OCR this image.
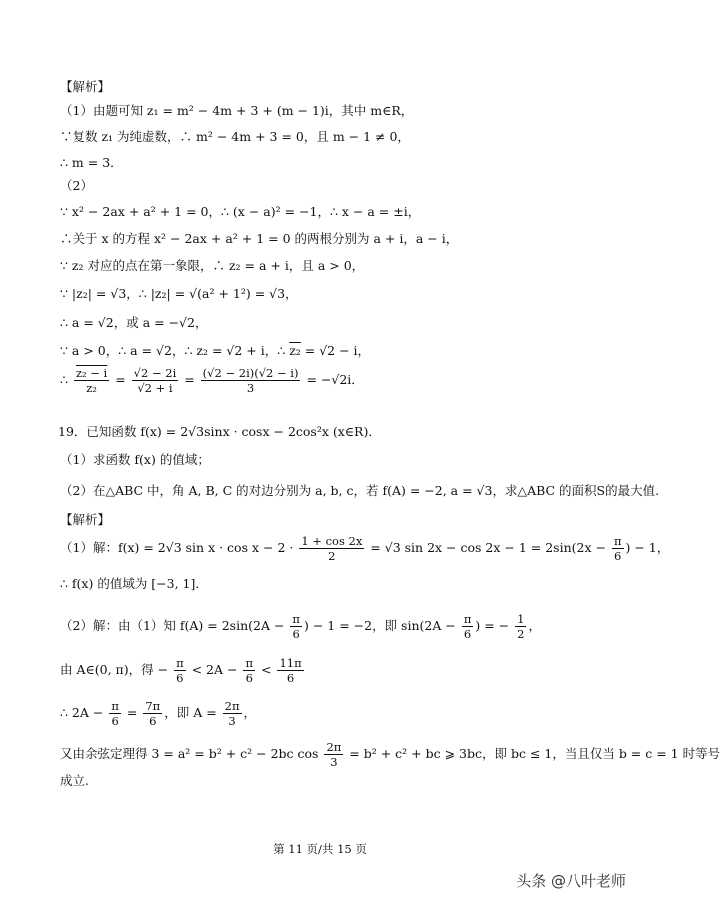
【解析】
（1）由题可知 z₁ = m² − 4m + 3 + (m − 1)i，其中 m∈R，
∵复数 z₁ 为纯虚数，∴ m² − 4m + 3 = 0，且 m − 1 ≠ 0，
∴ m = 3．
（2）
∵ x² − 2ax + a² + 1 = 0，∴ (x − a)² = −1，∴ x − a = ±i，
∴关于 x 的方程 x² − 2ax + a² + 1 = 0 的两根分别为 a + i，a − i，
∵ z₂ 对应的点在第一象限，∴ z₂ = a + i，且 a > 0，
∵ |z₂| = √3，∴ |z₂| = √(a² + 1²) = √3，
∴ a = √2，或 a = −√2，
∵ a > 0，∴ a = √2，∴ z₂ = √2 + i，∴ z₂ = √2 − i，
∴ $\frac{\text{z₂ − i}}{\text{z₂}} = \frac{√2 - 2i}{√2 + i} = \frac{(√2 - 2i)(√2 - i)}{3} = -√2i$．
19．已知函数 f(x) = 2√3sinx · cosx − 2cos²x (x∈R)．
（1）求函数 f(x) 的值域；
（2）在△ABC 中，角 A, B, C 的对边分别为 a, b, c，若 f(A) = −2, a = √3，求△ABC 的面积S的最大值.
【解析】
（1）解：f(x) = 2√3 $\sin x \cdot \cos x - 2 \cdot \frac{1 + \cos 2x}{2} = √3$ $\sin 2x - \cos 2x - 1 = 2\sin(2x - \frac{\pi}{6}$ ) − 1，
∴ f(x) 的值域为 [−3, 1]．
（2）解：由（1）知 $f(A) = 2\sin(2A - \frac{\pi}{6}$ ) − 1 = −2，即 $\sin(2A - \frac{\pi}{6}$ ) = − $\frac{1}{2}$ ，
由 A∈(0, π)，得 − $\frac{\pi}{6} < 2A - \frac{\pi}{6} < \frac{11\pi}{6}$
∴ $2A - \frac{\pi}{6} = \frac{7\pi}{6}$ ，即 $A = \frac{2\pi}{3}$ ，
又由余弦定理得 3 = a² = b² + c² − 2bc $\cos \frac{2\pi}{3} = b^2 + c^2$ + bc ⩾ 3bc，即 bc ≤ 1，当且仅当 b = c = 1 时等号
成立.
第 11 页/共 15 页
头条 @八叶老师
